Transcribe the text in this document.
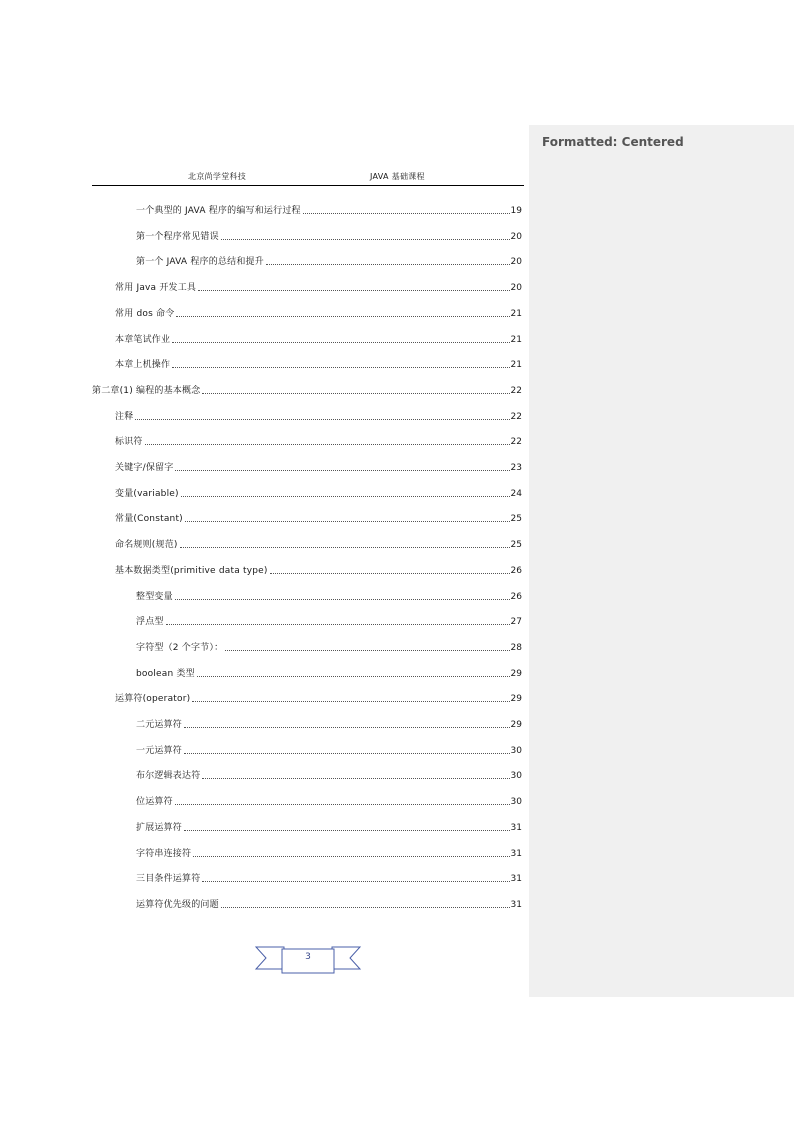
Formatted: Centered
北京尚学堂科技	JAVA 基础课程
一个典型的 JAVA 程序的编写和运行过程	19
第一个程序常见错误	20
第一个 JAVA 程序的总结和提升	20
常用 Java 开发工具	20
常用 dos 命令	21
本章笔试作业	21
本章上机操作	21
第二章(1) 编程的基本概念	22
注释	22
标识符	22
关键字/保留字	23
变量(variable)	24
常量(Constant)	25
命名规则(规范)	25
基本数据类型(primitive data type)	26
整型变量	26
浮点型	27
字符型（2 个字节）：	28
boolean 类型	29
运算符(operator)	29
二元运算符	29
一元运算符	30
布尔逻辑表达符	30
位运算符	30
扩展运算符	31
字符串连接符	31
三目条件运算符	31
运算符优先级的问题	31
3
